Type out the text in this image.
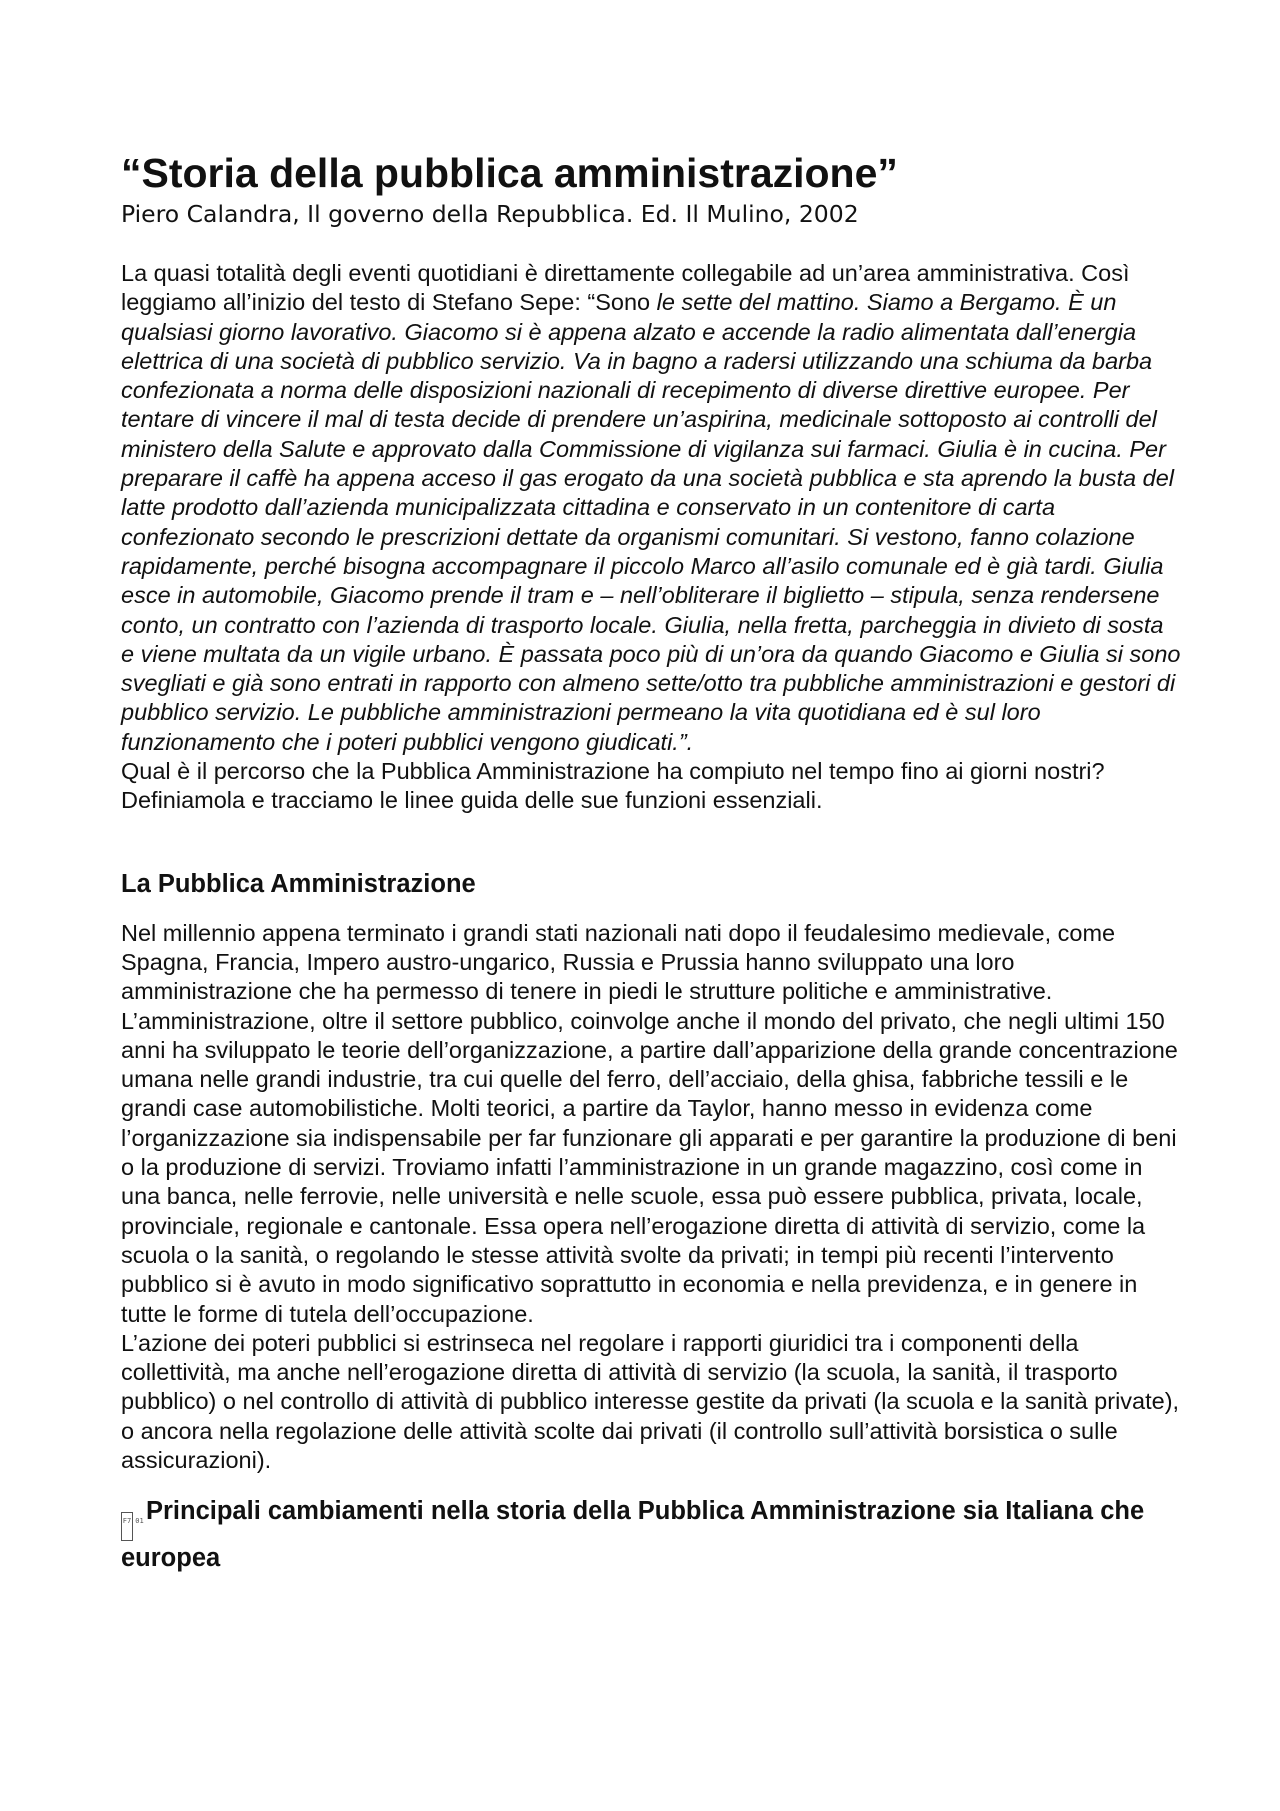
“Storia della pubblica amministrazione”

Piero Calandra, Il governo della Repubblica. Ed. Il Mulino, 2002

La quasi totalità degli eventi quotidiani è direttamente collegabile ad un’area amministrativa. Così leggiamo all’inizio del testo di Stefano Sepe: “Sono le sette del mattino. Siamo a Bergamo. È un qualsiasi giorno lavorativo. Giacomo si è appena alzato e accende la radio alimentata dall’energia elettrica di una società di pubblico servizio. Va in bagno a radersi utilizzando una schiuma da barba confezionata a norma delle disposizioni nazionali di recepimento di diverse direttive europee. Per tentare di vincere il mal di testa decide di prendere un’aspirina, medicinale sottoposto ai controlli del ministero della Salute e approvato dalla Commissione di vigilanza sui farmaci. Giulia è in cucina. Per preparare il caffè ha appena acceso il gas erogato da una società pubblica e sta aprendo la busta del latte prodotto dall’azienda municipalizzata cittadina e conservato in un contenitore di carta confezionato secondo le prescrizioni dettate da organismi comunitari. Si vestono, fanno colazione rapidamente, perché bisogna accompagnare il piccolo Marco all’asilo comunale ed è già tardi. Giulia esce in automobile, Giacomo prende il tram e – nell’obliterare il biglietto – stipula, senza rendersene conto, un contratto con l’azienda di trasporto locale. Giulia, nella fretta, parcheggia in divieto di sosta e viene multata da un vigile urbano. È passata poco più di un’ora da quando Giacomo e Giulia si sono svegliati e già sono entrati in rapporto con almeno sette/otto tra pubbliche amministrazioni e gestori di pubblico servizio. Le pubbliche amministrazioni permeano la vita quotidiana ed è sul loro funzionamento che i poteri pubblici vengono giudicati.”.
Qual è il percorso che la Pubblica Amministrazione ha compiuto nel tempo fino ai giorni nostri? Definiamola e tracciamo le linee guida delle sue funzioni essenziali.

La Pubblica Amministrazione

Nel millennio appena terminato i grandi stati nazionali nati dopo il feudalesimo medievale, come Spagna, Francia, Impero austro-ungarico, Russia e Prussia hanno sviluppato una loro amministrazione che ha permesso di tenere in piedi le strutture politiche e amministrative.
L’amministrazione, oltre il settore pubblico, coinvolge anche il mondo del privato, che negli ultimi 150 anni ha sviluppato le teorie dell’organizzazione, a partire dall’apparizione della grande concentrazione umana nelle grandi industrie, tra cui quelle del ferro, dell’acciaio, della ghisa, fabbriche tessili e le grandi case automobilistiche. Molti teorici, a partire da Taylor, hanno messo in evidenza come l’organizzazione sia indispensabile per far funzionare gli apparati e per garantire la produzione di beni o la produzione di servizi. Troviamo infatti l’amministrazione in un grande magazzino, così come in una banca, nelle ferrovie, nelle università e nelle scuole, essa può essere pubblica, privata, locale, provinciale, regionale e cantonale. Essa opera nell’erogazione diretta di attività di servizio, come la scuola o la sanità, o regolando le stesse attività svolte da privati; in tempi più recenti l’intervento pubblico si è avuto in modo significativo soprattutto in economia e nella previdenza, e in genere in tutte le forme di tutela dell’occupazione.
L’azione dei poteri pubblici si estrinseca nel regolare i rapporti giuridici tra i componenti della collettività, ma anche nell’erogazione diretta di attività di servizio (la scuola, la sanità, il trasporto pubblico) o nel controllo di attività di pubblico interesse gestite da privati (la scuola e la sanità private), o ancora nella regolazione delle attività scolte dai privati (il controllo sull’attività borsistica o sulle assicurazioni).

F7 01Principali cambiamenti nella storia della Pubblica Amministrazione sia Italiana che europea
